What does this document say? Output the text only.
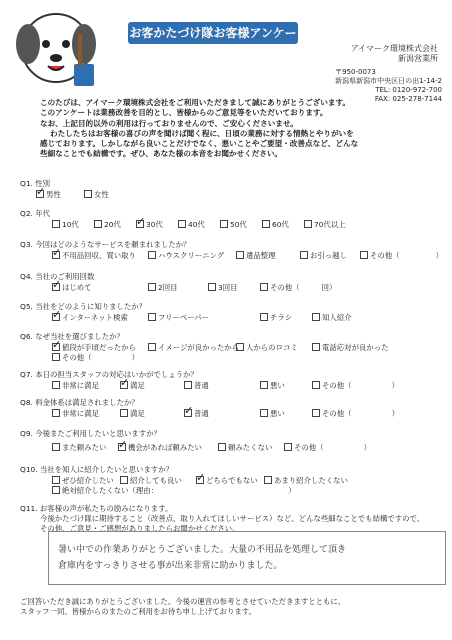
お客かたづけ隊お客様アンケート	アイマーク環境株式会社
新潟営業所
〒950-0073
新潟県新潟市中央区日の出1-14-2
TEL: 0120-972-700
FAX: 025-278-7144
このたびは、アイマーク環境株式会社をご利用いただきまして誠にありがとうございます。
このアンケートは業務改善を目的とし、皆様からのご意見等をいただいております。
なお、上記目的以外の利用は行っておりませんので、ご安心くださいませ。
わたしたちはお客様の喜びの声を聞けば聞く程に、日頃の業務に対する情熱とやりがいを
感じております。しかしながら良いことだけでなく、悪いことやご要望・改善点など、どんな
些細なことでも結構です。ぜひ、あなた様の本音をお聞かせください。
Q1. 性別
✓男性	女性
Q2. 年代
10代	20代 ✓	30代	40代	50代	60代	70代以上
Q3. 今回はどのようなサービスを頼まれましたか？
✓不用品回収、買い取り	ハウスクリーニング	遺品整理	お引っ越し	その他（	）
Q4. 当社のご利用回数
✓はじめて	2回目	3回目	その他（	回）
Q5. 当社をどのように知りましたか？
✓インターネット検索	フリーペーパー	チラシ	知人紹介
Q6. なぜ当社を選びましたか？
✓値段が手頃だったから	イメージが良かったから 人からのロコミ	電話応対が良かった
その他（	）
Q7. 本日の担当スタッフの対応はいかがでしょうか？
非常に満足 ✓	満足	普通	悪い	その他（	）
Q8. 料金体系は満足されましたか？
非常に満足	満足 ✓	普通	悪い	その他（	）
Q9. 今後またご利用したいと思いますか？
また頼みたい ✓	機会があれば頼みたい	頼みたくない	その他（	）
Q10. 当社を知人に紹介したいと思いますか？
ぜひ紹介したい	紹介しても良い ✓	どちらでもない	あまり紹介したくない
絶対紹介したくない（理由：	）
Q11. お客様の声が私たちの励みになります。
今後かたづけ隊に期待すること（改善点、取り入れてほしいサービス）など、どんな些細なことでも結構ですので、
その他、ご意見・ご感想がありましたらお聞かせください。
暑い中での作業ありがとうございました。大量の不用品を処理して頂き
倉庫内をすっきりさせる事が出来非常に助かりました。
ご回答いただき誠にありがとうございました。今後の運営の参考とさせていただきますとともに、
スタッフ一同、皆様からのまたのご利用をお待ち申し上げております。
